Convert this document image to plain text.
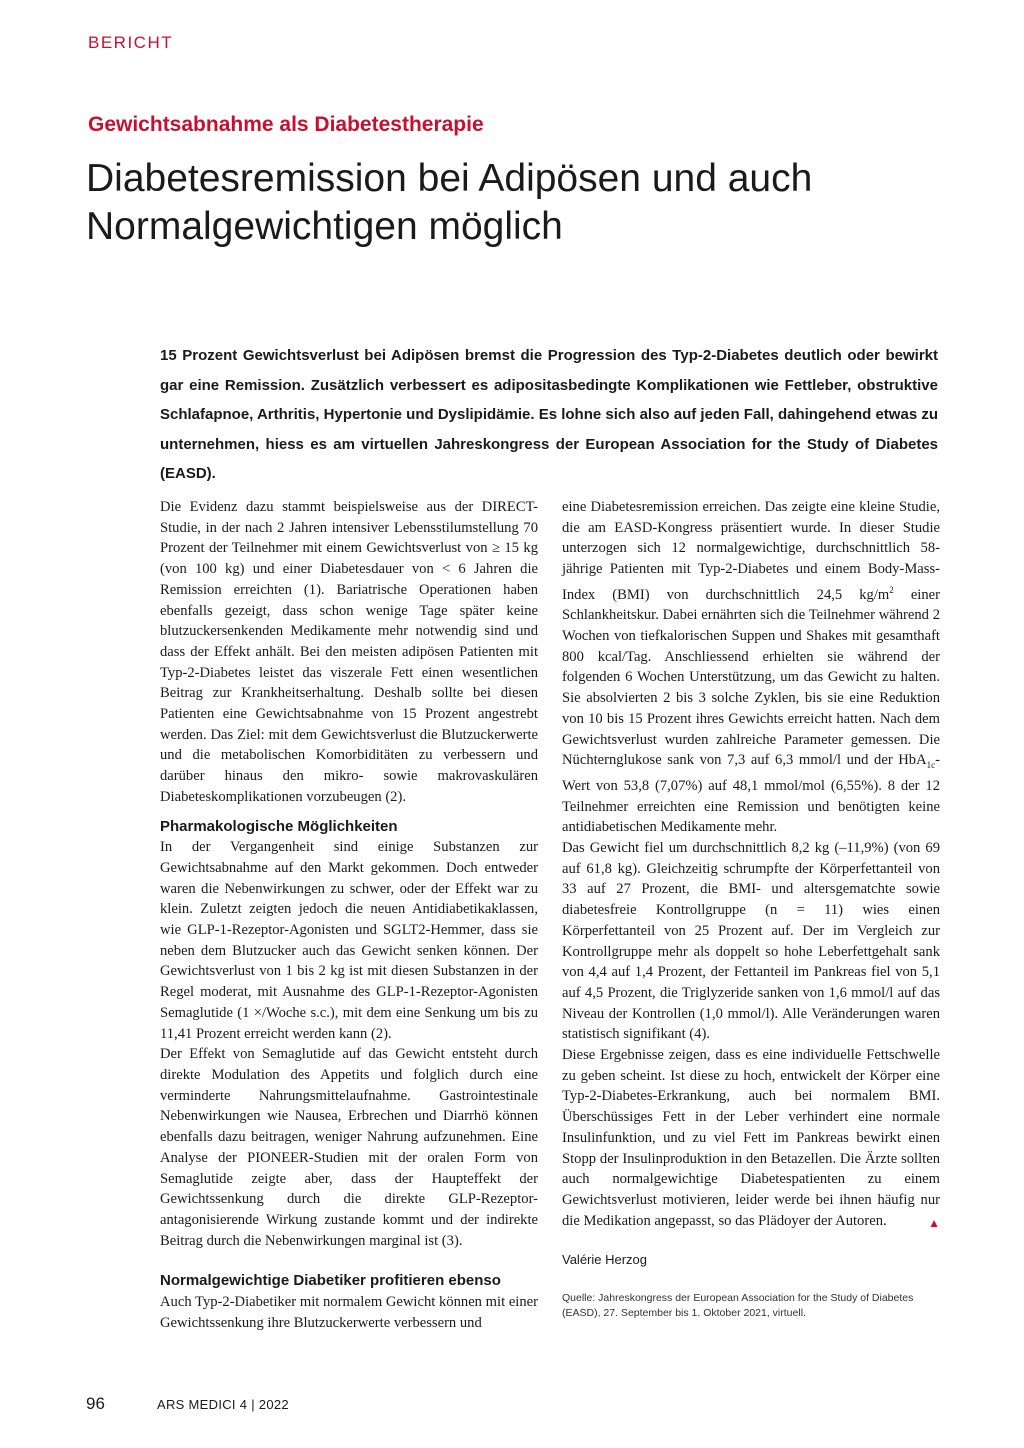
BERICHT
Gewichtsabnahme als Diabetestherapie
Diabetesremission bei Adipösen und auch Normalgewichtigen möglich

15 Prozent Gewichtsverlust bei Adipösen bremst die Progression des Typ-2-Diabetes deutlich oder bewirkt gar eine Remission. Zusätzlich verbessert es adipositasbedingte Komplikationen wie Fettleber, obstruktive Schlafapnoe, Arthritis, Hypertonie und Dyslipidämie. Es lohne sich also auf jeden Fall, dahingehend etwas zu unternehmen, hiess es am virtuellen Jahreskongress der European Association for the Study of Diabetes (EASD).

Die Evidenz dazu stammt beispielsweise aus der DIRECT-Studie, in der nach 2 Jahren intensiver Lebensstilumstellung 70 Prozent der Teilnehmer mit einem Gewichtsverlust von ≥ 15 kg (von 100 kg) und einer Diabetesdauer von < 6 Jahren die Remission erreichten (1). Bariatrische Operationen haben ebenfalls gezeigt, dass schon wenige Tage später keine blutzuckersenkenden Medikamente mehr notwendig sind und dass der Effekt anhält. Bei den meisten adipösen Patienten mit Typ-2-Diabetes leistet das viszerale Fett einen wesentlichen Beitrag zur Krankheitserhaltung. Deshalb sollte bei diesen Patienten eine Gewichtsabnahme von 15 Prozent angestrebt werden. Das Ziel: mit dem Gewichtsverlust die Blutzuckerwerte und die metabolischen Komorbiditäten zu verbessern und darüber hinaus den mikro- sowie makrovaskulären Diabeteskomplikationen vorzubeugen (2).

Pharmakologische Möglichkeiten

In der Vergangenheit sind einige Substanzen zur Gewichtsabnahme auf den Markt gekommen. Doch entweder waren die Nebenwirkungen zu schwer, oder der Effekt war zu klein. Zuletzt zeigten jedoch die neuen Antidiabetikaklassen, wie GLP-1-Rezeptor-Agonisten und SGLT2-Hemmer, dass sie neben dem Blutzucker auch das Gewicht senken können. Der Gewichtsverlust von 1 bis 2 kg ist mit diesen Substanzen in der Regel moderat, mit Ausnahme des GLP-1-Rezeptor-Agonisten Semaglutide (1 ×/Woche s.c.), mit dem eine Senkung um bis zu 11,41 Prozent erreicht werden kann (2).

Der Effekt von Semaglutide auf das Gewicht entsteht durch direkte Modulation des Appetits und folglich durch eine verminderte Nahrungsmittelaufnahme. Gastrointestinale Nebenwirkungen wie Nausea, Erbrechen und Diarrhö können ebenfalls dazu beitragen, weniger Nahrung aufzunehmen. Eine Analyse der PIONEER-Studien mit der oralen Form von Semaglutide zeigte aber, dass der Haupteffekt der Gewichtssenkung durch die direkte GLP-Rezeptor-antagonisierende Wirkung zustande kommt und der indirekte Beitrag durch die Nebenwirkungen marginal ist (3).

Normalgewichtige Diabetiker profitieren ebenso

Auch Typ-2-Diabetiker mit normalem Gewicht können mit einer Gewichtssenkung ihre Blutzuckerwerte verbessern und

eine Diabetesremission erreichen. Das zeigte eine kleine Studie, die am EASD-Kongress präsentiert wurde. In dieser Studie unterzogen sich 12 normalgewichtige, durchschnittlich 58-jährige Patienten mit Typ-2-Diabetes und einem Body-Mass-Index (BMI) von durchschnittlich 24,5 $kg/m^2$ einer Schlankheitskur. Dabei ernährten sich die Teilnehmer während 2 Wochen von tiefkalorischen Suppen und Shakes mit gesamthaft 800 kcal/Tag. Anschliessend erhielten sie während der folgenden 6 Wochen Unterstützung, um das Gewicht zu halten. Sie absolvierten 2 bis 3 solche Zyklen, bis sie eine Reduktion von 10 bis 15 Prozent ihres Gewichts erreicht hatten. Nach dem Gewichtsverlust wurden zahlreiche Parameter gemessen. Die Nüchternglukose sank von 7,3 auf 6,3 mmol/l und der HbA$_{1c}$-Wert von 53,8 (7,07%) auf 48,1 mmol/mol (6,55%). 8 der 12 Teilnehmer erreichten eine Remission und benötigten keine antidiabetischen Medikamente mehr.

Das Gewicht fiel um durchschnittlich 8,2 kg (–11,9%) (von 69 auf 61,8 kg). Gleichzeitig schrumpfte der Körperfettanteil von 33 auf 27 Prozent, die BMI- und altersgematchte sowie diabetesfreie Kontrollgruppe (n = 11) wies einen Körperfettanteil von 25 Prozent auf. Der im Vergleich zur Kontrollgruppe mehr als doppelt so hohe Leberfettgehalt sank von 4,4 auf 1,4 Prozent, der Fettanteil im Pankreas fiel von 5,1 auf 4,5 Prozent, die Triglyzeride sanken von 1,6 mmol/l auf das Niveau der Kontrollen (1,0 mmol/l). Alle Veränderungen waren statistisch signifikant (4).

Diese Ergebnisse zeigen, dass es eine individuelle Fettschwelle zu geben scheint. Ist diese zu hoch, entwickelt der Körper eine Typ-2-Diabetes-Erkrankung, auch bei normalem BMI. Überschüssiges Fett in der Leber verhindert eine normale Insulinfunktion, und zu viel Fett im Pankreas bewirkt einen Stopp der Insulinproduktion in den Betazellen. Die Ärzte sollten auch normalgewichtige Diabetespatienten zu einem Gewichtsverlust motivieren, leider werde bei ihnen häufig nur die Medikation angepasst, so das Plädoyer der Autoren.	▲

Valérie Herzog

Quelle: Jahreskongress der European Association for the Study of Diabetes (EASD), 27. September bis 1. Oktober 2021, virtuell.

96	ARS MEDICI 4 | 2022
